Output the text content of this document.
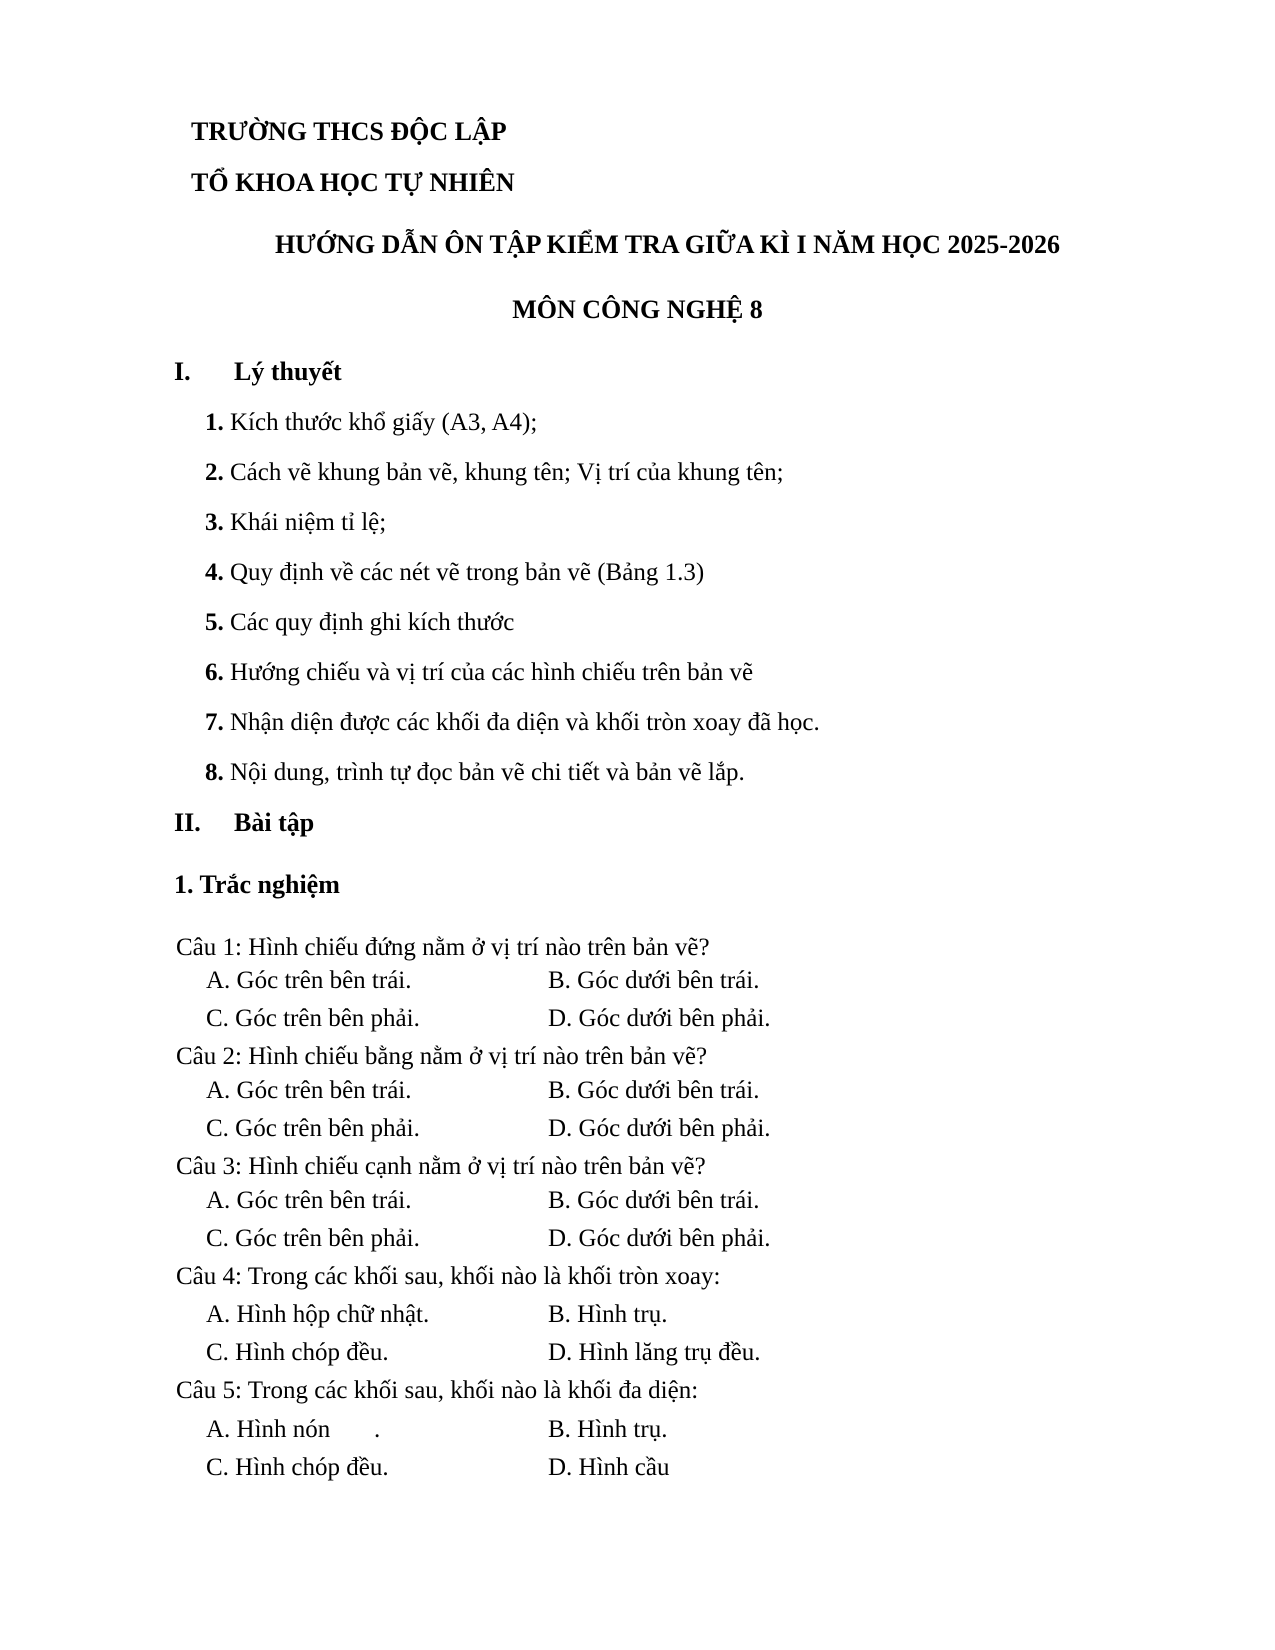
TRƯỜNG THCS ĐỘC LẬP
TỔ KHOA HỌC TỰ NHIÊN
HƯỚNG DẪN ÔN TẬP KIỂM TRA GIỮA KÌ I NĂM HỌC 2025-2026
MÔN CÔNG NGHỆ 8
I. Lý thuyết
1. Kích thước khổ giấy (A3, A4);
2. Cách vẽ khung bản vẽ, khung tên; Vị trí của khung tên;
3. Khái niệm tỉ lệ;
4. Quy định về các nét vẽ trong bản vẽ (Bảng 1.3)
5. Các quy định ghi kích thước
6. Hướng chiếu và vị trí của các hình chiếu trên bản vẽ
7. Nhận diện được các khối đa diện và khối tròn xoay đã học.
8. Nội dung, trình tự đọc bản vẽ chi tiết và bản vẽ lắp.
II. Bài tập
1. Trắc nghiệm
Câu 1: Hình chiếu đứng nằm ở vị trí nào trên bản vẽ?
A. Góc trên bên trái.	B. Góc dưới bên trái.
C. Góc trên bên phải.	D. Góc dưới bên phải.
Câu 2: Hình chiếu bằng nằm ở vị trí nào trên bản vẽ?
A. Góc trên bên trái.	B. Góc dưới bên trái.
C. Góc trên bên phải.	D. Góc dưới bên phải.
Câu 3: Hình chiếu cạnh nằm ở vị trí nào trên bản vẽ?
A. Góc trên bên trái.	B. Góc dưới bên trái.
C. Góc trên bên phải.	D. Góc dưới bên phải.
Câu 4: Trong các khối sau, khối nào là khối tròn xoay:
A. Hình hộp chữ nhật.	B. Hình trụ.
C. Hình chóp đều.	D. Hình lăng trụ đều.
Câu 5: Trong các khối sau, khối nào là khối đa diện:
A. Hình nón       .	B. Hình trụ.
C. Hình chóp đều.	D. Hình cầu
